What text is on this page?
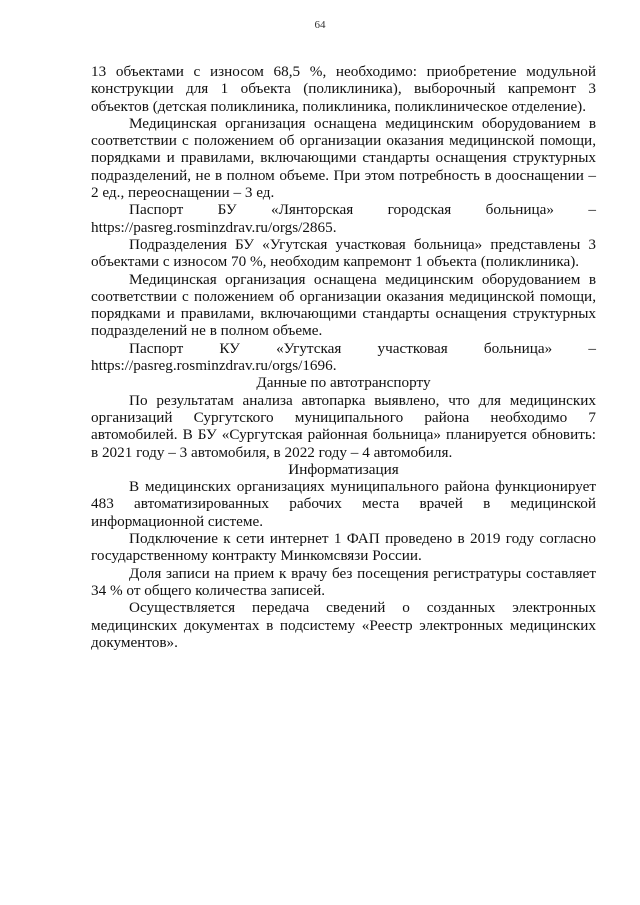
64

13 объектами с износом 68,5 %, необходимо: приобретение модульной конструкции для 1 объекта (поликлиника), выборочный капремонт 3 объектов (детская поликлиника, поликлиника, поликлиническое отделение).

Медицинская организация оснащена медицинским оборудованием в соответствии с положением об организации оказания медицинской помощи, порядками и правилами, включающими стандарты оснащения структурных подразделений, не в полном объеме. При этом потребность в дооснащении – 2 ед., переоснащении – 3 ед.

Паспорт БУ «Лянторская городская больница» – https://pasreg.rosminzdrav.ru/orgs/2865.

Подразделения БУ «Угутская участковая больница» представлены 3 объектами с износом 70 %, необходим капремонт 1 объекта (поликлиника).

Медицинская организация оснащена медицинским оборудованием в соответствии с положением об организации оказания медицинской помощи, порядками и правилами, включающими стандарты оснащения структурных подразделений не в полном объеме.

Паспорт КУ «Угутская участковая больница» – https://pasreg.rosminzdrav.ru/orgs/1696.

Данные по автотранспорту

По результатам анализа автопарка выявлено, что для медицинских организаций Сургутского муниципального района необходимо 7 автомобилей. В БУ «Сургутская районная больница» планируется обновить: в 2021 году – 3 автомобиля, в 2022 году – 4 автомобиля.

Информатизация

В медицинских организациях муниципального района функционирует 483 автоматизированных рабочих места врачей в медицинской информационной системе.

Подключение к сети интернет 1 ФАП проведено в 2019 году согласно государственному контракту Минкомсвязи России.

Доля записи на прием к врачу без посещения регистратуры составляет 34 % от общего количества записей.

Осуществляется передача сведений о созданных электронных медицинских документах в подсистему «Реестр электронных медицинских документов».
